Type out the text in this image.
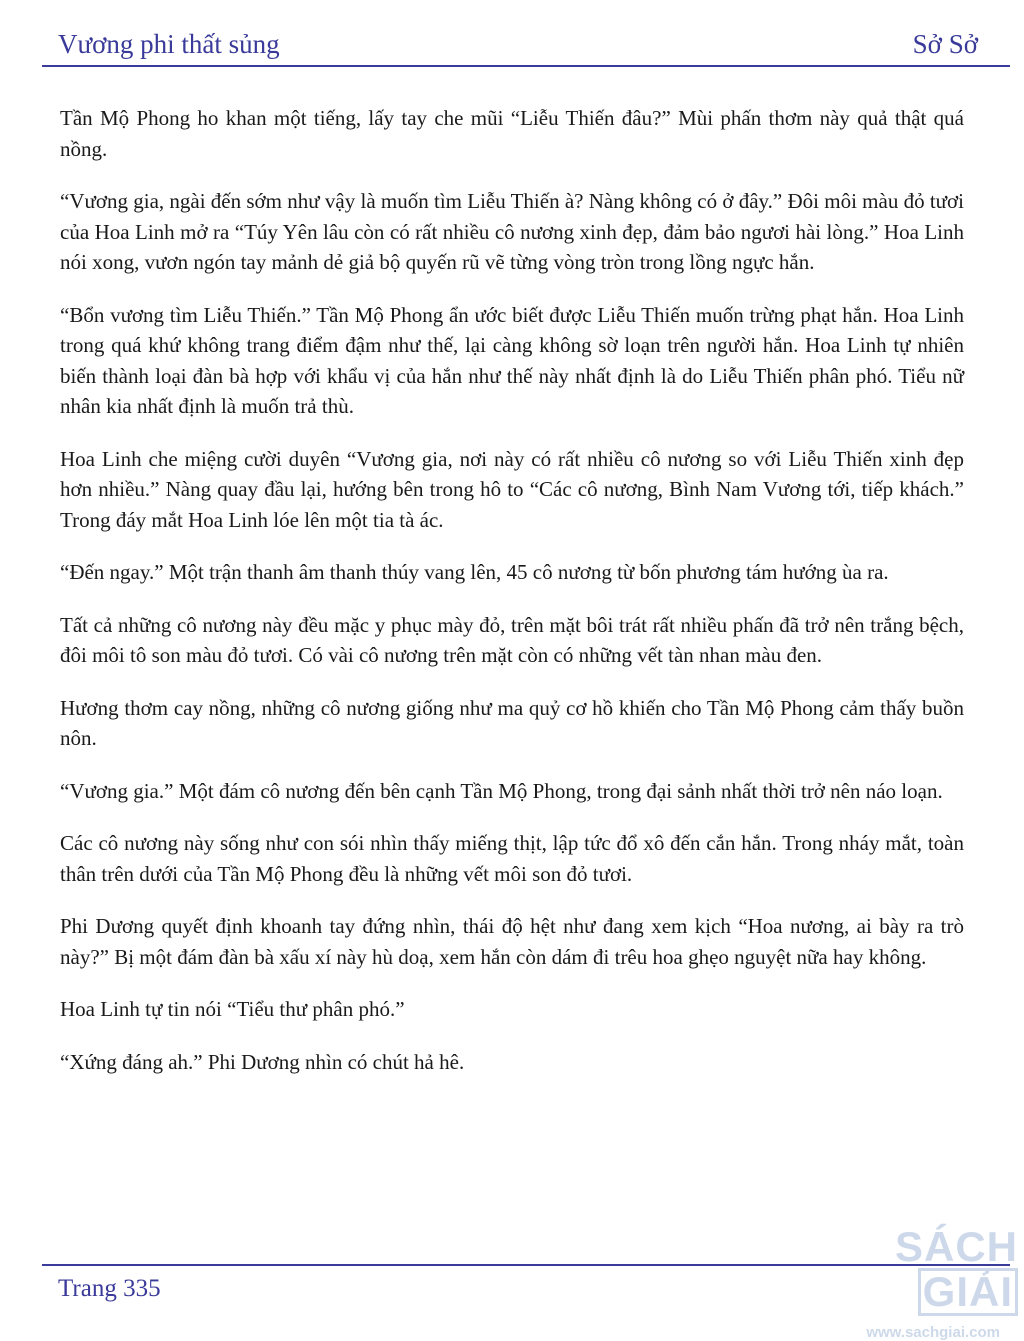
Vương phi thất sủng	Sở Sở

Tần Mộ Phong ho khan một tiếng, lấy tay che mũi “Liễu Thiến đâu?” Mùi phấn thơm này quả thật quá nồng.

“Vương gia, ngài đến sớm như vậy là muốn tìm Liễu Thiến à? Nàng không có ở đây.” Đôi môi màu đỏ tươi của Hoa Linh mở ra “Túy Yên lâu còn có rất nhiều cô nương xinh đẹp, đảm bảo ngươi hài lòng.” Hoa Linh nói xong, vươn ngón tay mảnh dẻ giả bộ quyến rũ vẽ từng vòng tròn trong lồng ngực hắn.

“Bổn vương tìm Liễu Thiến.” Tần Mộ Phong ẩn ước biết được Liễu Thiến muốn trừng phạt hắn. Hoa Linh trong quá khứ không trang điểm đậm như thế, lại càng không sờ loạn trên người hắn. Hoa Linh tự nhiên biến thành loại đàn bà hợp với khẩu vị của hắn như thế này nhất định là do Liễu Thiến phân phó. Tiểu nữ nhân kia nhất định là muốn trả thù.

Hoa Linh che miệng cười duyên “Vương gia, nơi này có rất nhiều cô nương so với Liễu Thiến xinh đẹp hơn nhiều.” Nàng quay đầu lại, hướng bên trong hô to “Các cô nương, Bình Nam Vương tới, tiếp khách.” Trong đáy mắt Hoa Linh lóe lên một tia tà ác.

“Đến ngay.” Một trận thanh âm thanh thúy vang lên, 45 cô nương từ bốn phương tám hướng ùa ra.

Tất cả những cô nương này đều mặc y phục mày đỏ, trên mặt bôi trát rất nhiều phấn đã trở nên trắng bệch, đôi môi tô son màu đỏ tươi. Có vài cô nương trên mặt còn có những vết tàn nhan màu đen.

Hương thơm cay nồng, những cô nương giống như ma quỷ cơ hồ khiến cho Tần Mộ Phong cảm thấy buồn nôn.

“Vương gia.” Một đám cô nương đến bên cạnh Tần Mộ Phong, trong đại sảnh nhất thời trở nên náo loạn.

Các cô nương này sống như con sói nhìn thấy miếng thịt, lập tức đổ xô đến cắn hắn. Trong nháy mắt, toàn thân trên dưới của Tần Mộ Phong đều là những vết môi son đỏ tươi.

Phi Dương quyết định khoanh tay đứng nhìn, thái độ hệt như đang xem kịch “Hoa nương, ai bày ra trò này?” Bị một đám đàn bà xấu xí này hù doạ, xem hắn còn dám đi trêu hoa ghẹo nguyệt nữa hay không.

Hoa Linh tự tin nói “Tiểu thư phân phó.”

“Xứng đáng ah.” Phi Dương nhìn có chút hả hê.

Trang 335
SÁCHGIẢI
www.sachgiai.com
